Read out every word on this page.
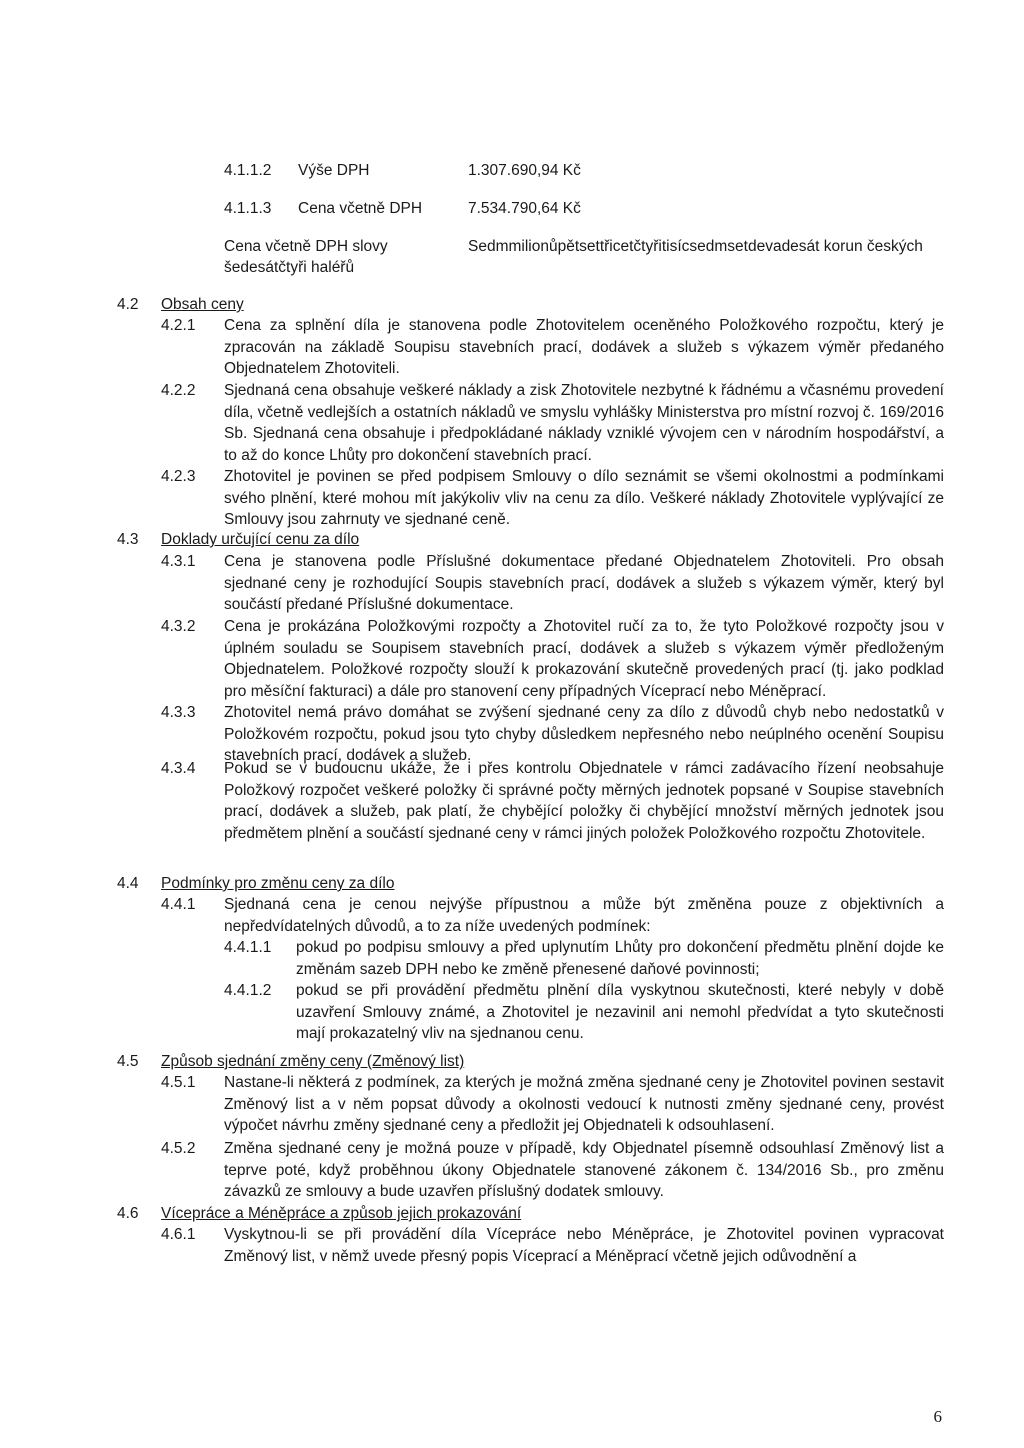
4.1.1.2 Výše DPH	1.307.690,94 Kč
4.1.1.3 Cena včetně DPH	7.534.790,64 Kč
Cena včetně DPH slovy
šedesátčtyři haléřů
Sedmmilionůpětsettřicetčtyřitisícsedmsetdevadesát korun českých
4.2 Obsah ceny
4.2.1 Cena za splnění díla je stanovena podle Zhotovitelem oceněného Položkového rozpočtu, který je zpracován na základě Soupisu stavebních prací, dodávek a služeb s výkazem výměr předaného Objednatelem Zhotoviteli.
4.2.2 Sjednaná cena obsahuje veškeré náklady a zisk Zhotovitele nezbytné k řádnému a včasnému provedení díla, včetně vedlejších a ostatních nákladů ve smyslu vyhlášky Ministerstva pro místní rozvoj č. 169/2016 Sb. Sjednaná cena obsahuje i předpokládané náklady vzniklé vývojem cen v národním hospodářství, a to až do konce Lhůty pro dokončení stavebních prací.
4.2.3 Zhotovitel je povinen se před podpisem Smlouvy o dílo seznámit se všemi okolnostmi a podmínkami svého plnění, které mohou mít jakýkoliv vliv na cenu za dílo. Veškeré náklady Zhotovitele vyplývající ze Smlouvy jsou zahrnuty ve sjednané ceně.
4.3 Doklady určující cenu za dílo
4.3.1 Cena je stanovena podle Příslušné dokumentace předané Objednatelem Zhotoviteli. Pro obsah sjednané ceny je rozhodující Soupis stavebních prací, dodávek a služeb s výkazem výměr, který byl součástí předané Příslušné dokumentace.
4.3.2 Cena je prokázána Položkovými rozpočty a Zhotovitel ručí za to, že tyto Položkové rozpočty jsou v úplném souladu se Soupisem stavebních prací, dodávek a služeb s výkazem výměr předloženým Objednatelem. Položkové rozpočty slouží k prokazování skutečně provedených prací (tj. jako podklad pro měsíční fakturaci) a dále pro stanovení ceny případných Víceprací nebo Méněprací.
4.3.3 Zhotovitel nemá právo domáhat se zvýšení sjednané ceny za dílo z důvodů chyb nebo nedostatků v Položkovém rozpočtu, pokud jsou tyto chyby důsledkem nepřesného nebo neúplného ocenění Soupisu stavebních prací, dodávek a služeb.
4.3.4 Pokud se v budoucnu ukáže, že i přes kontrolu Objednatele v rámci zadávacího řízení neobsahuje Položkový rozpočet veškeré položky či správné počty měrných jednotek popsané v Soupise stavebních prací, dodávek a služeb, pak platí, že chybějící položky či chybějící množství měrných jednotek jsou předmětem plnění a součástí sjednané ceny v rámci jiných položek Položkového rozpočtu Zhotovitele.
4.4 Podmínky pro změnu ceny za dílo
4.4.1 Sjednaná cena je cenou nejvýše přípustnou a může být změněna pouze z objektivních a nepředvídatelných důvodů, a to za níže uvedených podmínek:
4.4.1.1 pokud po podpisu smlouvy a před uplynutím Lhůty pro dokončení předmětu plnění dojde ke změnám sazeb DPH nebo ke změně přenesené daňové povinnosti;
4.4.1.2 pokud se při provádění předmětu plnění díla vyskytnou skutečnosti, které nebyly v době uzavření Smlouvy známé, a Zhotovitel je nezavinil ani nemohl předvídat a tyto skutečnosti mají prokazatelný vliv na sjednanou cenu.
4.5 Způsob sjednání změny ceny (Změnový list)
4.5.1 Nastane-li některá z podmínek, za kterých je možná změna sjednané ceny je Zhotovitel povinen sestavit Změnový list a v něm popsat důvody a okolnosti vedoucí k nutnosti změny sjednané ceny, provést výpočet návrhu změny sjednané ceny a předložit jej Objednateli k odsouhlasení.
4.5.2 Změna sjednané ceny je možná pouze v případě, kdy Objednatel písemně odsouhlasí Změnový list a teprve poté, když proběhnou úkony Objednatele stanovené zákonem č. 134/2016 Sb., pro změnu závazků ze smlouvy a bude uzavřen příslušný dodatek smlouvy.
4.6 Vícepráce a Méněpráce a způsob jejich prokazování
4.6.1 Vyskytnou-li se při provádění díla Vícepráce nebo Méněpráce, je Zhotovitel povinen vypracovat Změnový list, v němž uvede přesný popis Víceprací a Méněprací včetně jejich odůvodnění a
6
